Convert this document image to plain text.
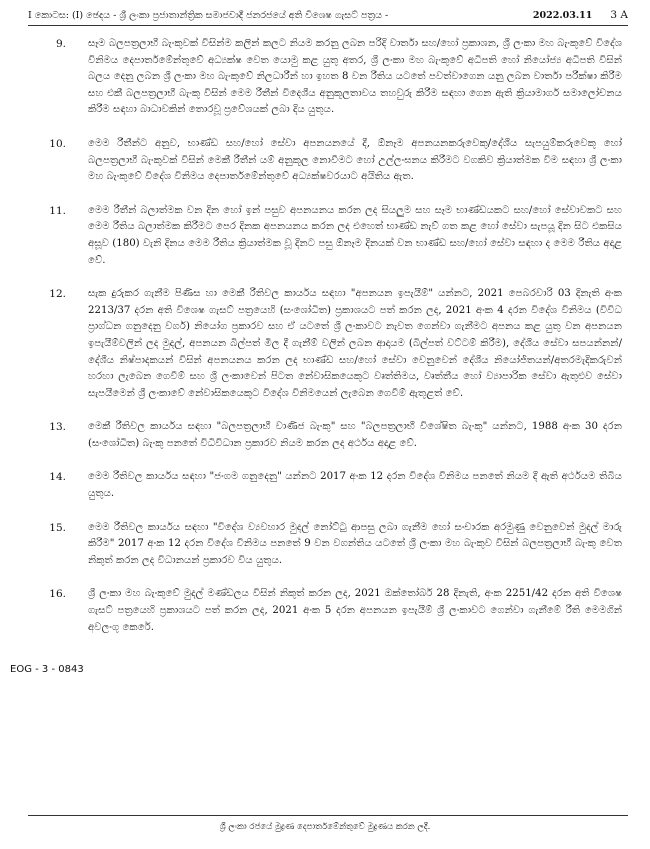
I කොටස: (I) ඡෙදය - ශ්‍රී ලංකා ප්‍රජාතාන්ත්‍රික සමාජවාදී ජනරජයේ අති විශෙෂ ගැසට් පත්‍රය -	2022.03.11 3 A
9.	සෑම බලපත්‍රලාභී බැංකුවක් විසින්ම කලින් කලට නියම කරනු ලබන පරිදි වාර්තා සහ/හෝ ප්‍රකාශන, ශ්‍රී ලංකා මහ බැංකුවේ විදේශ විනිමය දෙපාර්තමේන්තුවේ අධ්‍යක්ෂ වෙත යොමු කළ යුතු අතර, ශ්‍රී ලංකා මහ බැංකුවේ අධිපති හෝ නියෝජ්‍ය අධිපති විසින් බලය දෙනු ලබන ශ්‍රී ලංකා මහ බැංකුවේ නිලධාරීන් හා ඉහත 8 වන රීතිය යටතේ පවත්වාගෙන යනු ලබන වාර්තා පරීක්ෂා කිරීම සහ එකී බලපත්‍රලාභී බැංකු විසින් මෙම රීතීන් විදෙශීය අනුකූලතාවය තහවුරු කිරීම සඳහා ගෙන ඇති ක්‍රියාමාර්ග සමාලෝචනය කිරීම සඳහා බාධාවකින් තොරවූ ප්‍රවේශයක් ලබා දිය යුතුය.
10.	මෙම රීතීන්ට අනුව, භාණ්ඩ සහ/හෝ සේවා අපනයනයේ දී, ඕනෑම අපනයනකරුවෙකු/දේශීය සැපයුම්කරුවෙකු හෝ බලපත්‍රලාභී බැංකුවක් විසින් මෙකී රීතීන් යම් අනුකූල නොවීමට හෝ උල්ලංඝනය කිරීමට වගකිව ක්‍රියාත්මක විම සඳහා ශ්‍රී ලංකා මහ බැංකුවේ විදේශ විනිමය දෙපාර්තමේන්තුවේ අධ්‍යක්ෂවරයාට අයිතිය ඇත.
11.	මෙම රීතීන් බලාත්මක වන දින හෝ ඉන් පසුව අපනයනය කරන ලද සියලුම සහ සෑම භාණ්ඩයකට සහ/හෝ සේවාවකට සහ මෙම රීතිය බලාත්මක කිරීමට පෙර දිනක අපනයනය කරන ලද එහෙත් භාණ්ඩ නැව් ගත කළ හෝ සේවා සැපයූ දින සිට එකසිය අසූව (180) වැනි දිනය මෙම රීතිය ක්‍රියාත්මක වූ දිනට පසු ඕනෑම දිනයක් වන භාණ්ඩ සහ/හෝ සේවා සඳහා ද මෙම රීතිය අදාළ වේ.
12.	සැක දුරුකර ගැනීම පිණිස හා මෙකී රීතිවල කාර්යය සඳහා "අපනයන ඉපැයීම්" යන්නට, 2021 පෙබරවාරි 03 දිනැති අංක 2213/37 දරන අති විශෙෂ ගැසට් පත්‍රයෙහි (සංශෝධිත) ප්‍රකාශයට පත් කරන ලද, 2021 අංක 4 දරන විදේශ විනිමය (විවිධ ප්‍රාග්ධන ගනුදෙනු වර්ග) නියෝග ප්‍රකාරව සහ ඒ යටතේ ශ්‍රී ලංකාවට නැවත ගෙන්වා ගැනීමට අපනය කළ යුතු වන අපනයන ඉපැයීම්වලින් ලද මුදල්, අපනයන බිල්පත් මිල දී ගැනීම් වලින් ලබන ආදායම (බිල්පත් වට්ටම් කිරීම), දේශීය සේවා සපයන්නන්/දේශීය නිෂ්පාදකයන් විසින් අපනයනය කරන ලද භාණ්ඩ සහ/හෝ සේවා වෙනුවෙන් දේශීය නියෝජිතයන්/අතරමැදිකරුවන් හරහා ලැබෙන ගෙවීම් සහ ශ්‍රී ලංකාවෙන් පිටත නේවාසිකයෙකුට වෘත්තිමය, වෘත්තීය හෝ ව්‍යාපාරික සේවා ඇතුළුව සේවා සැපයීමෙන් ශ්‍රී ලංකාවේ නේවාසිකයෙකුට විදේශ විනිමයෙන් ලැබෙන ගෙවීම් ඇතුළත් වේ.
13.	මෙකී රීතිවල කාර්යය සඳහා "බලපත්‍රලාභී වාණිජ බැංකු" සහ "බලපත්‍රලාභී විශේෂිත බැංකු" යන්නට, 1988 අංක 30 දරන (සංශෝධිත) බැංකු පනතේ විධිවිධාන ප්‍රකාරව නියම කරන ලද අර්ථය අදාළ වේ.
14.	මෙම රීතිවල කාර්යය සඳහා "ජංගම ගනුදෙනු" යන්නට 2017 අංක 12 දරන විදේශ විනිමය පනතේ නියම දී ඇති අර්ථයම තිබිය යුතුය.
15.	මෙම රීතිවල කාර්යය සඳහා "විදේශ ව්‍යවහාර මුදල් නෝට්ටු ආපසු ලබා ගැනීම හෝ සංචාරක අරමුණු වෙනුවෙන් මුදල් මාරු කිරීම" 2017 අංක 12 දරන විදේශ විනිමය පනතේ 9 වන වගන්තිය යටතේ ශ්‍රී ලංකා මහ බැංකුව විසින් බලපත්‍රලාභී බැංකු වෙත නිකුත් කරන ලද විධානයන් ප්‍රකාරව විය යුතුය.
16.	ශ්‍රී ලංකා මහ බැංකුවේ මුදල් මණ්ඩලය විසින් නිකුත් කරන ලද, 2021 ඔක්තෝබර් 28 දිනැති, අංක 2251/42 දරන අති විශෙෂ ගැසට් පත්‍රයෙහි ප්‍රකාශයට පත් කරන ලද, 2021 අංක 5 දරන අපනයන ඉපැයීම් ශ්‍රී ලංකාවට ගෙන්වා ගැනීමේ රීති මෙමගින් අවලංගු කෙරේ.
EOG - 3 - 0843
ශ්‍රී ලංකා රජයේ මුද්‍රණ දෙපාර්තමේන්තුවේ මුද්‍රණය කරන ලදී.
